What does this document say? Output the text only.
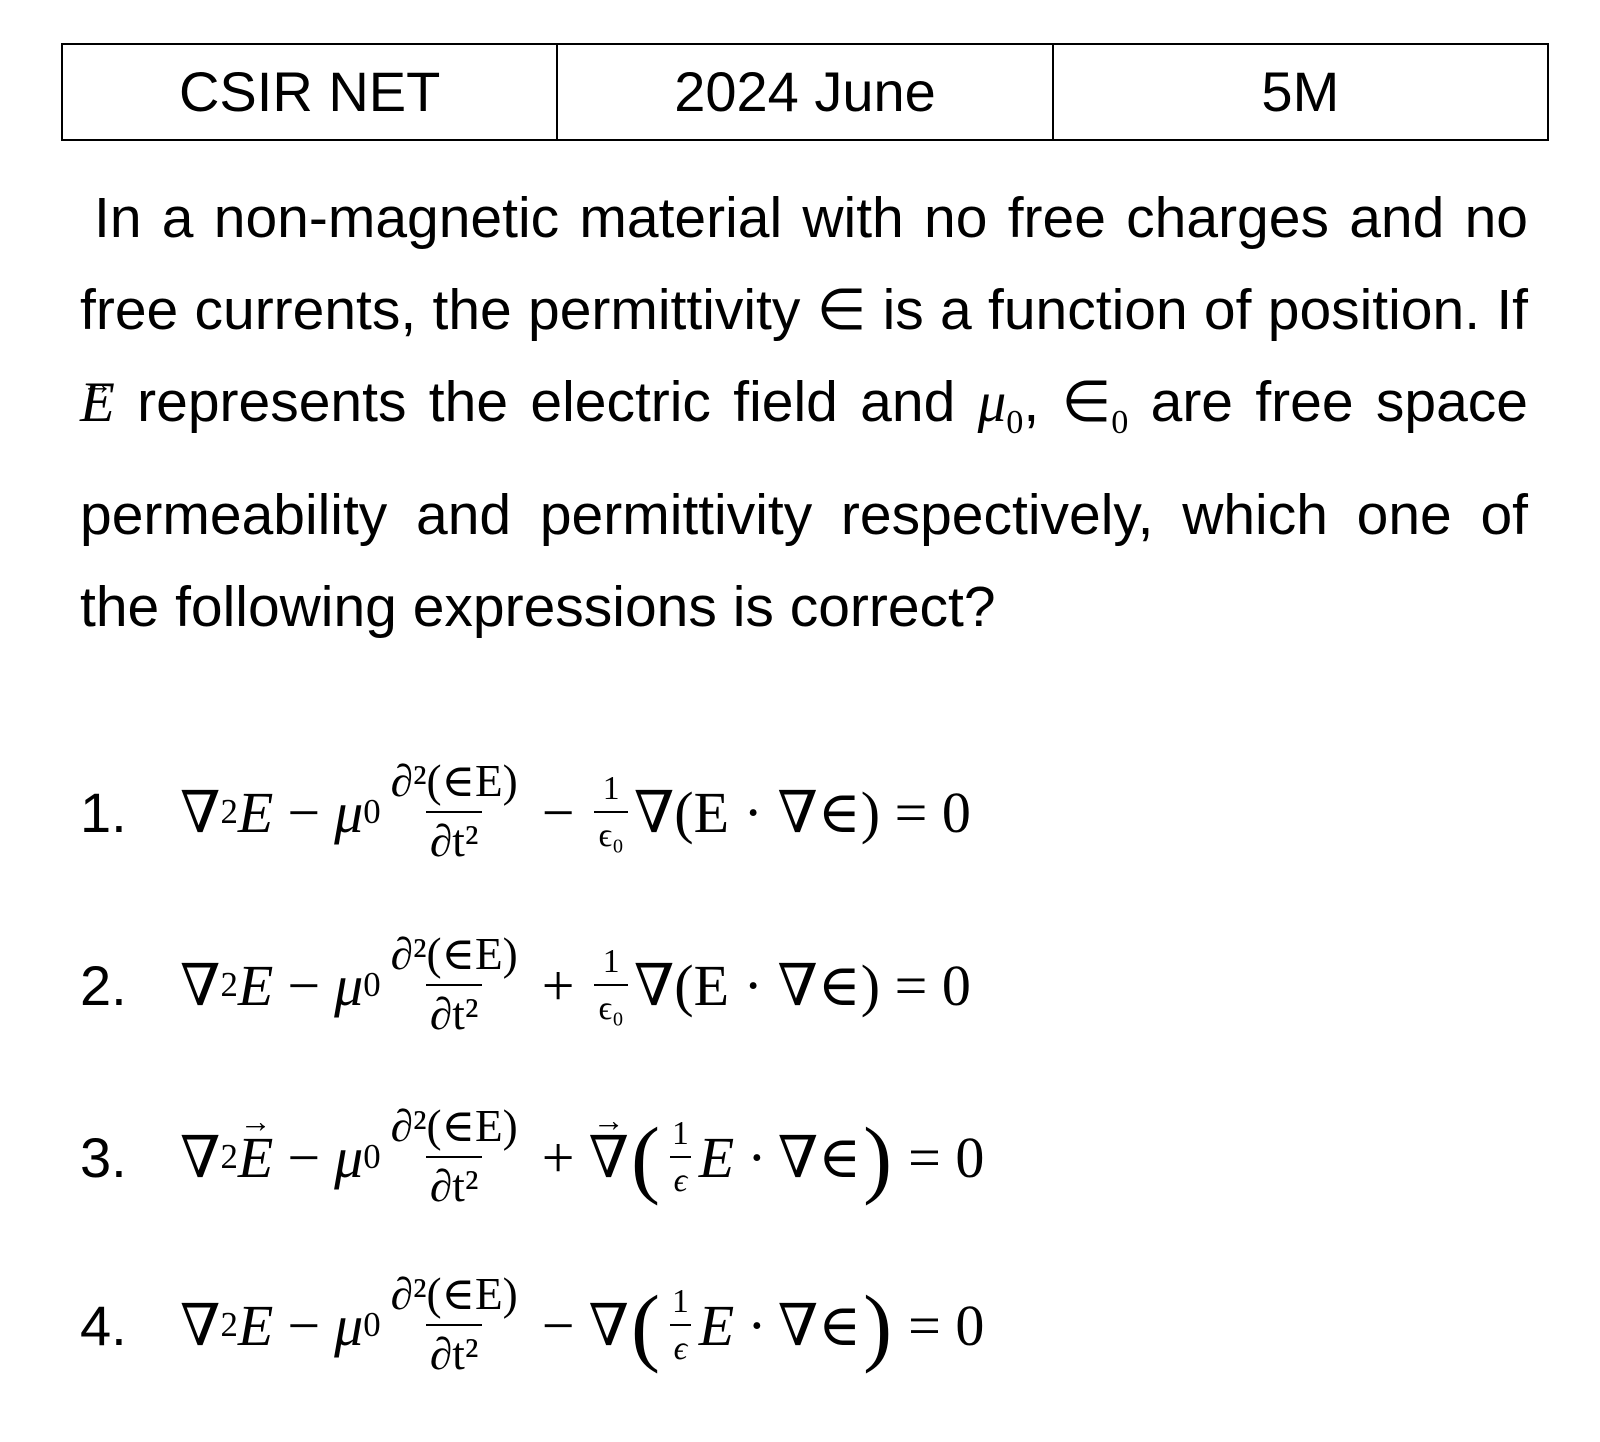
CSIR NET	2024 June	5M

In a non-magnetic material with no free charges and no free currents, the permittivity ∈ is a function of position. If → E represents the electric field and $\mu_0$, $\in_0$ are free space permeability and permittivity respectively, which one of the following expressions is correct?

1. ∇ 2 E − μ $0 \frac{\text{∂²(∈E)}}{\text{∂t²}} - \frac{1}{\text{ϵ₀}} \nabla(E$ · ∇∈) = 0
2. ∇ 2 E − μ $0 \frac{\text{∂²(∈E)}}{\text{∂t²}} + \frac{1}{\text{ϵ₀}} \nabla(E$ · ∇∈) = 0
3. ∇ 2 → E − μ $0 \frac{\text{∂²(∈E)}}{\text{∂t²}}$ + → ∇ ( $\frac{1}{\epsilon}$ E · ∇∈ ) = 0
4. ∇ 2 E − μ $0 \frac{\text{∂²(∈E)}}{\text{∂t²}}$ − ∇ ( $\frac{1}{\epsilon}$ E · ∇∈ ) = 0
